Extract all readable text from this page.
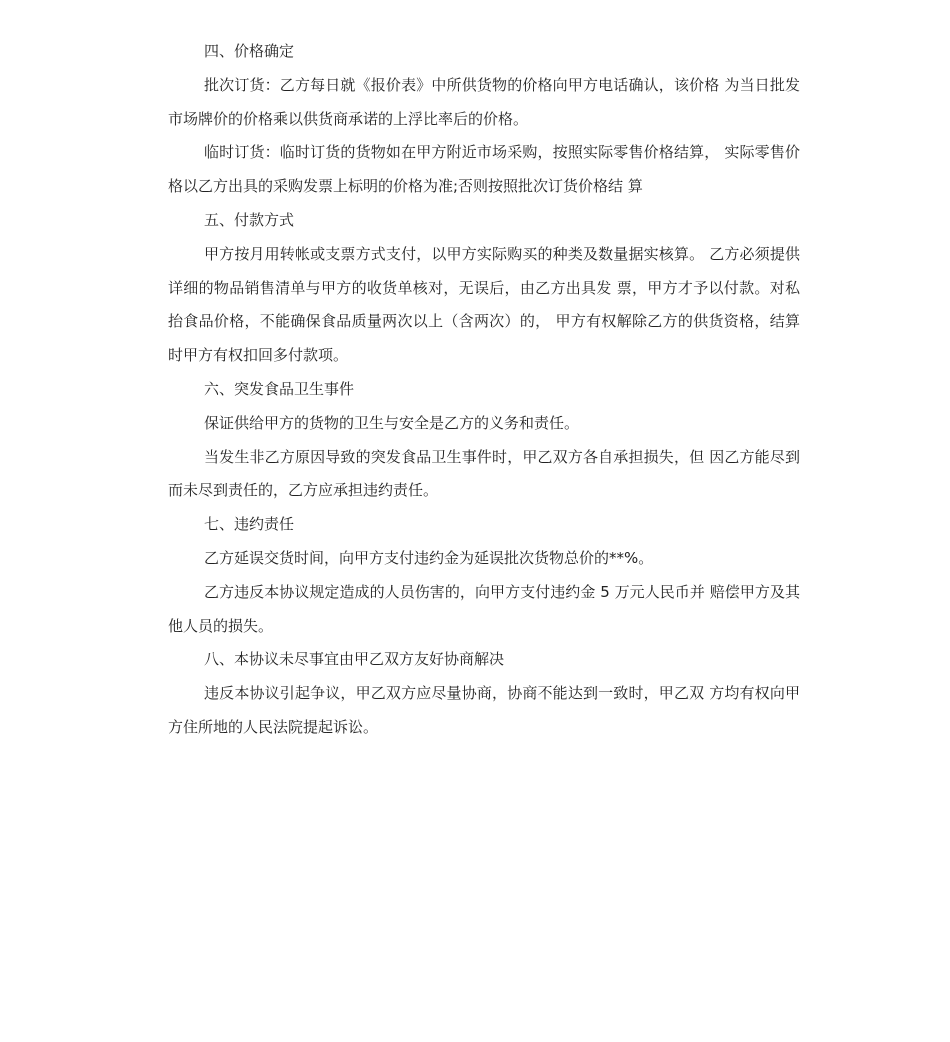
四、价格确定

批次订货：乙方每日就《报价表》中所供货物的价格向甲方电话确认，该价格 为当日批发市场牌价的价格乘以供货商承诺的上浮比率后的价格。

临时订货：临时订货的货物如在甲方附近市场采购，按照实际零售价格结算， 实际零售价格以乙方出具的采购发票上标明的价格为准;否则按照批次订货价格结 算

五、付款方式

甲方按月用转帐或支票方式支付，以甲方实际购买的种类及数量据实核算。 乙方必须提供详细的物品销售清单与甲方的收货单核对，无误后，由乙方出具发 票，甲方才予以付款。对私抬食品价格，不能确保食品质量两次以上（含两次）的， 甲方有权解除乙方的供货资格，结算时甲方有权扣回多付款项。

六、突发食品卫生事件

保证供给甲方的货物的卫生与安全是乙方的义务和责任。

当发生非乙方原因导致的突发食品卫生事件时，甲乙双方各自承担损失，但 因乙方能尽到而未尽到责任的，乙方应承担违约责任。

七、违约责任

乙方延误交货时间，向甲方支付违约金为延误批次货物总价的**%。

乙方违反本协议规定造成的人员伤害的，向甲方支付违约金 5 万元人民币并 赔偿甲方及其他人员的损失。

八、本协议未尽事宜由甲乙双方友好协商解决

违反本协议引起争议，甲乙双方应尽量协商，协商不能达到一致时，甲乙双 方均有权向甲方住所地的人民法院提起诉讼。
